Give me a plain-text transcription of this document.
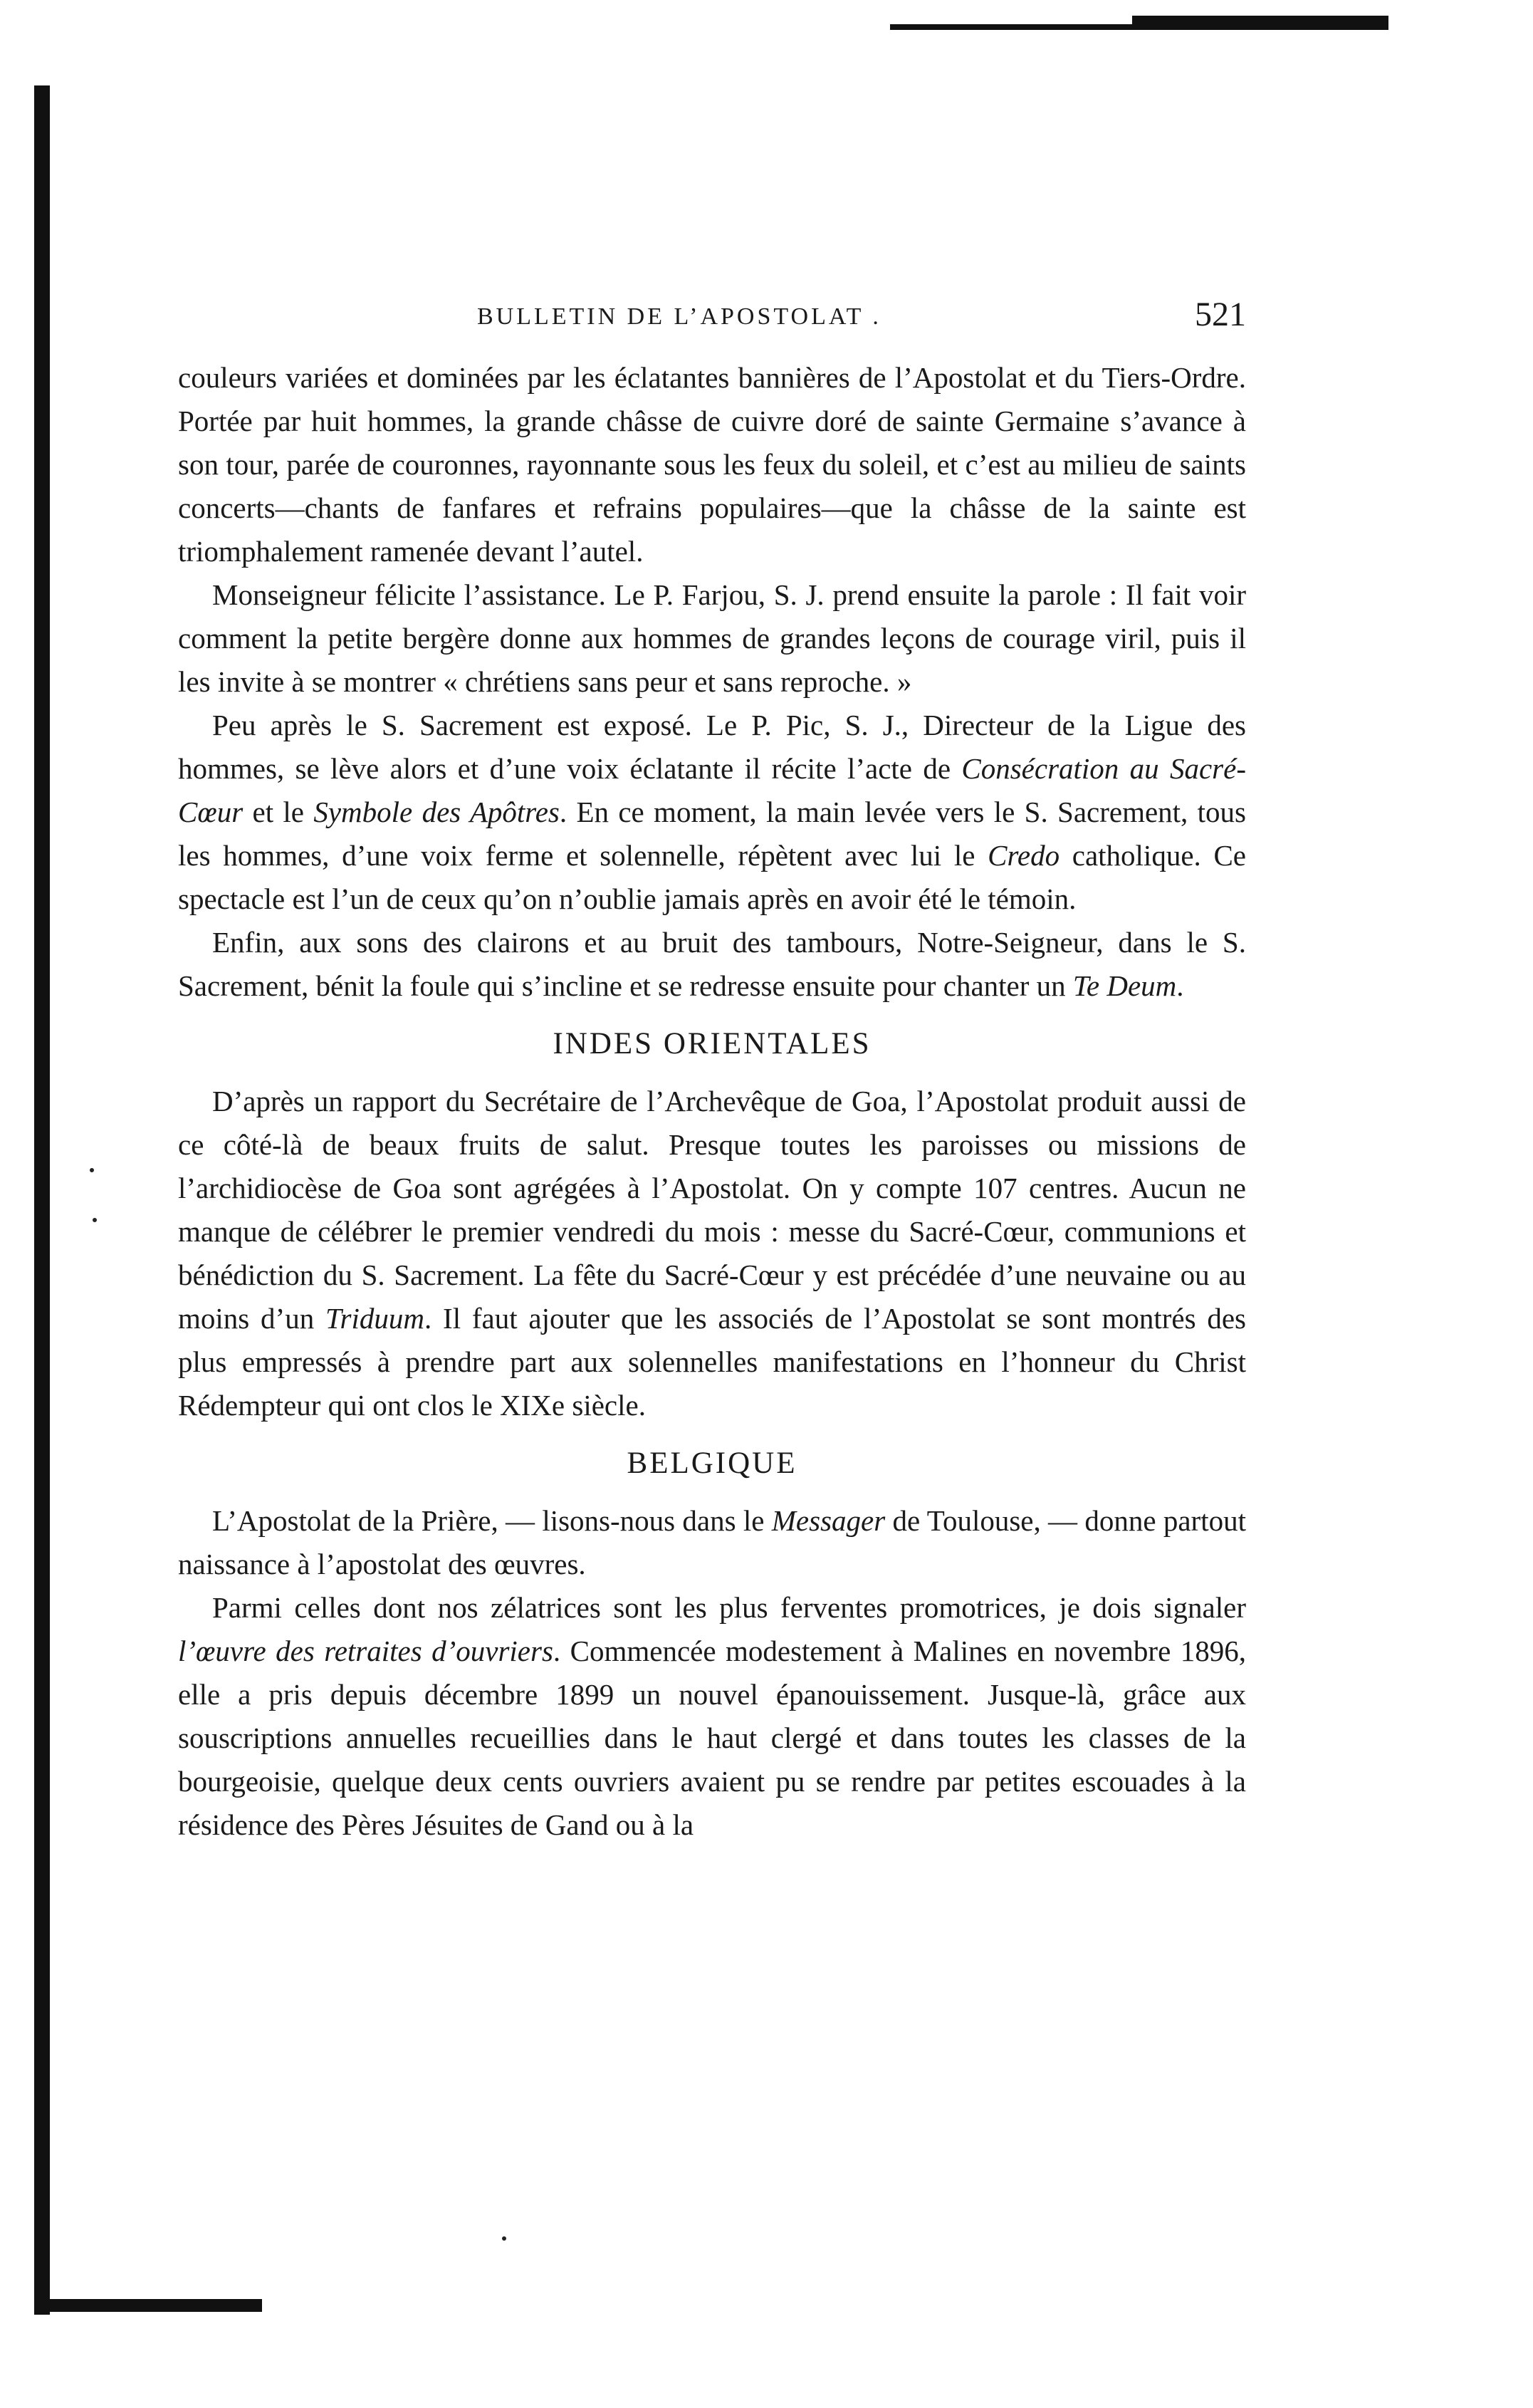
BULLETIN DE L’APOSTOLAT .	521

couleurs variées et dominées par les éclatantes bannières de l’Apostolat et du Tiers-Ordre. Portée par huit hommes, la grande châsse de cuivre doré de sainte Germaine s’avance à son tour, parée de couronnes, rayonnante sous les feux du soleil, et c’est au milieu de saints concerts—chants de fanfares et refrains populaires—que la châsse de la sainte est triomphalement ramenée devant l’autel.

Monseigneur félicite l’assistance. Le P. Farjou, S. J. prend ensuite la parole : Il fait voir comment la petite bergère donne aux hommes de grandes leçons de courage viril, puis il les invite à se montrer « chrétiens sans peur et sans reproche. »

Peu après le S. Sacrement est exposé. Le P. Pic, S. J., Directeur de la Ligue des hommes, se lève alors et d’une voix éclatante il récite l’acte de Consécration au Sacré-Cœur et le Symbole des Apôtres. En ce moment, la main levée vers le S. Sacrement, tous les hommes, d’une voix ferme et solennelle, répètent avec lui le Credo catholique. Ce spectacle est l’un de ceux qu’on n’oublie jamais après en avoir été le témoin.

Enfin, aux sons des clairons et au bruit des tambours, Notre-Seigneur, dans le S. Sacrement, bénit la foule qui s’incline et se redresse ensuite pour chanter un Te Deum.

INDES ORIENTALES

D’après un rapport du Secrétaire de l’Archevêque de Goa, l’Apostolat produit aussi de ce côté-là de beaux fruits de salut. Presque toutes les paroisses ou missions de l’archidiocèse de Goa sont agrégées à l’Apostolat. On y compte 107 centres. Aucun ne manque de célébrer le premier vendredi du mois : messe du Sacré-Cœur, communions et bénédiction du S. Sacrement. La fête du Sacré-Cœur y est précédée d’une neuvaine ou au moins d’un Triduum. Il faut ajouter que les associés de l’Apostolat se sont montrés des plus empressés à prendre part aux solennelles manifestations en l’honneur du Christ Rédempteur qui ont clos le XIXe siècle.

BELGIQUE

L’Apostolat de la Prière, — lisons-nous dans le Messager de Toulouse, — donne partout naissance à l’apostolat des œuvres.

Parmi celles dont nos zélatrices sont les plus ferventes promotrices, je dois signaler l’œuvre des retraites d’ouvriers. Commencée modestement à Malines en novembre 1896, elle a pris depuis décembre 1899 un nouvel épanouissement. Jusque-là, grâce aux souscriptions annuelles recueillies dans le haut clergé et dans toutes les classes de la bourgeoisie, quelque deux cents ouvriers avaient pu se rendre par petites escouades à la résidence des Pères Jésuites de Gand ou à la
